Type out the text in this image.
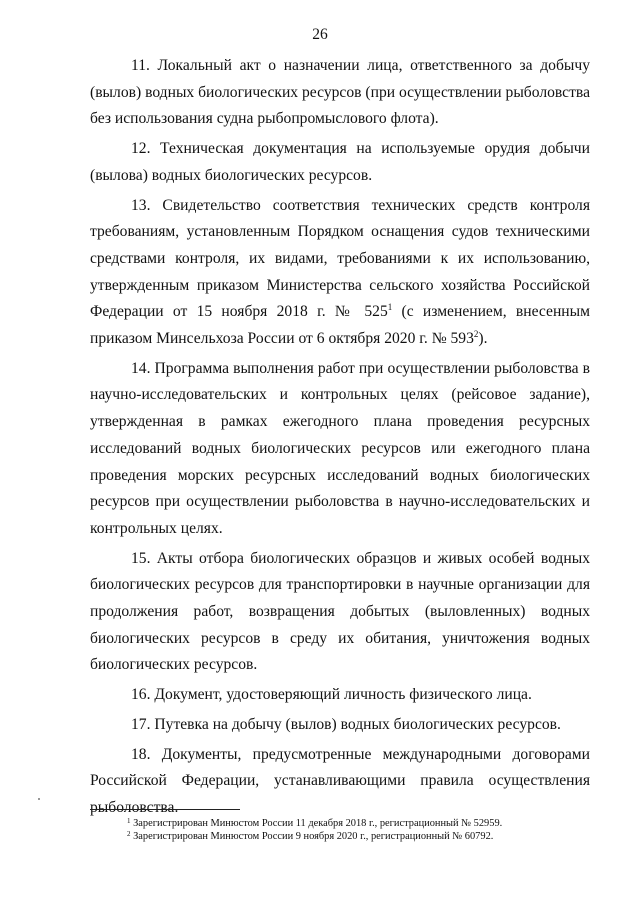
26

11. Локальный акт о назначении лица, ответственного за добычу (вылов) водных биологических ресурсов (при осуществлении рыболовства без использования судна рыбопромыслового флота).

12. Техническая документация на используемые орудия добычи (вылова) водных биологических ресурсов.

13. Свидетельство соответствия технических средств контроля требованиям, установленным Порядком оснащения судов техническими средствами контроля, их видами, требованиями к их использованию, утвержденным приказом Министерства сельского хозяйства Российской Федерации от 15 ноября 2018 г. № $525^1$ (с изменением, внесенным приказом Минсельхоза России от 6 октября 2020 г. № $593^2$).

14. Программа выполнения работ при осуществлении рыболовства в научно-исследовательских и контрольных целях (рейсовое задание), утвержденная в рамках ежегодного плана проведения ресурсных исследований водных биологических ресурсов или ежегодного плана проведения морских ресурсных исследований водных биологических ресурсов при осуществлении рыболовства в научно-исследовательских и контрольных целях.

15. Акты отбора биологических образцов и живых особей водных биологических ресурсов для транспортировки в научные организации для продолжения работ, возвращения добытых (выловленных) водных биологических ресурсов в среду их обитания, уничтожения водных биологических ресурсов.

16. Документ, удостоверяющий личность физического лица.

17. Путевка на добычу (вылов) водных биологических ресурсов.

18. Документы, предусмотренные международными договорами Российской Федерации, устанавливающими правила осуществления рыболовства.

$^1$ Зарегистрирован Минюстом России 11 декабря 2018 г., регистрационный № 52959.

$^2$ Зарегистрирован Минюстом России 9 ноября 2020 г., регистрационный № 60792.
